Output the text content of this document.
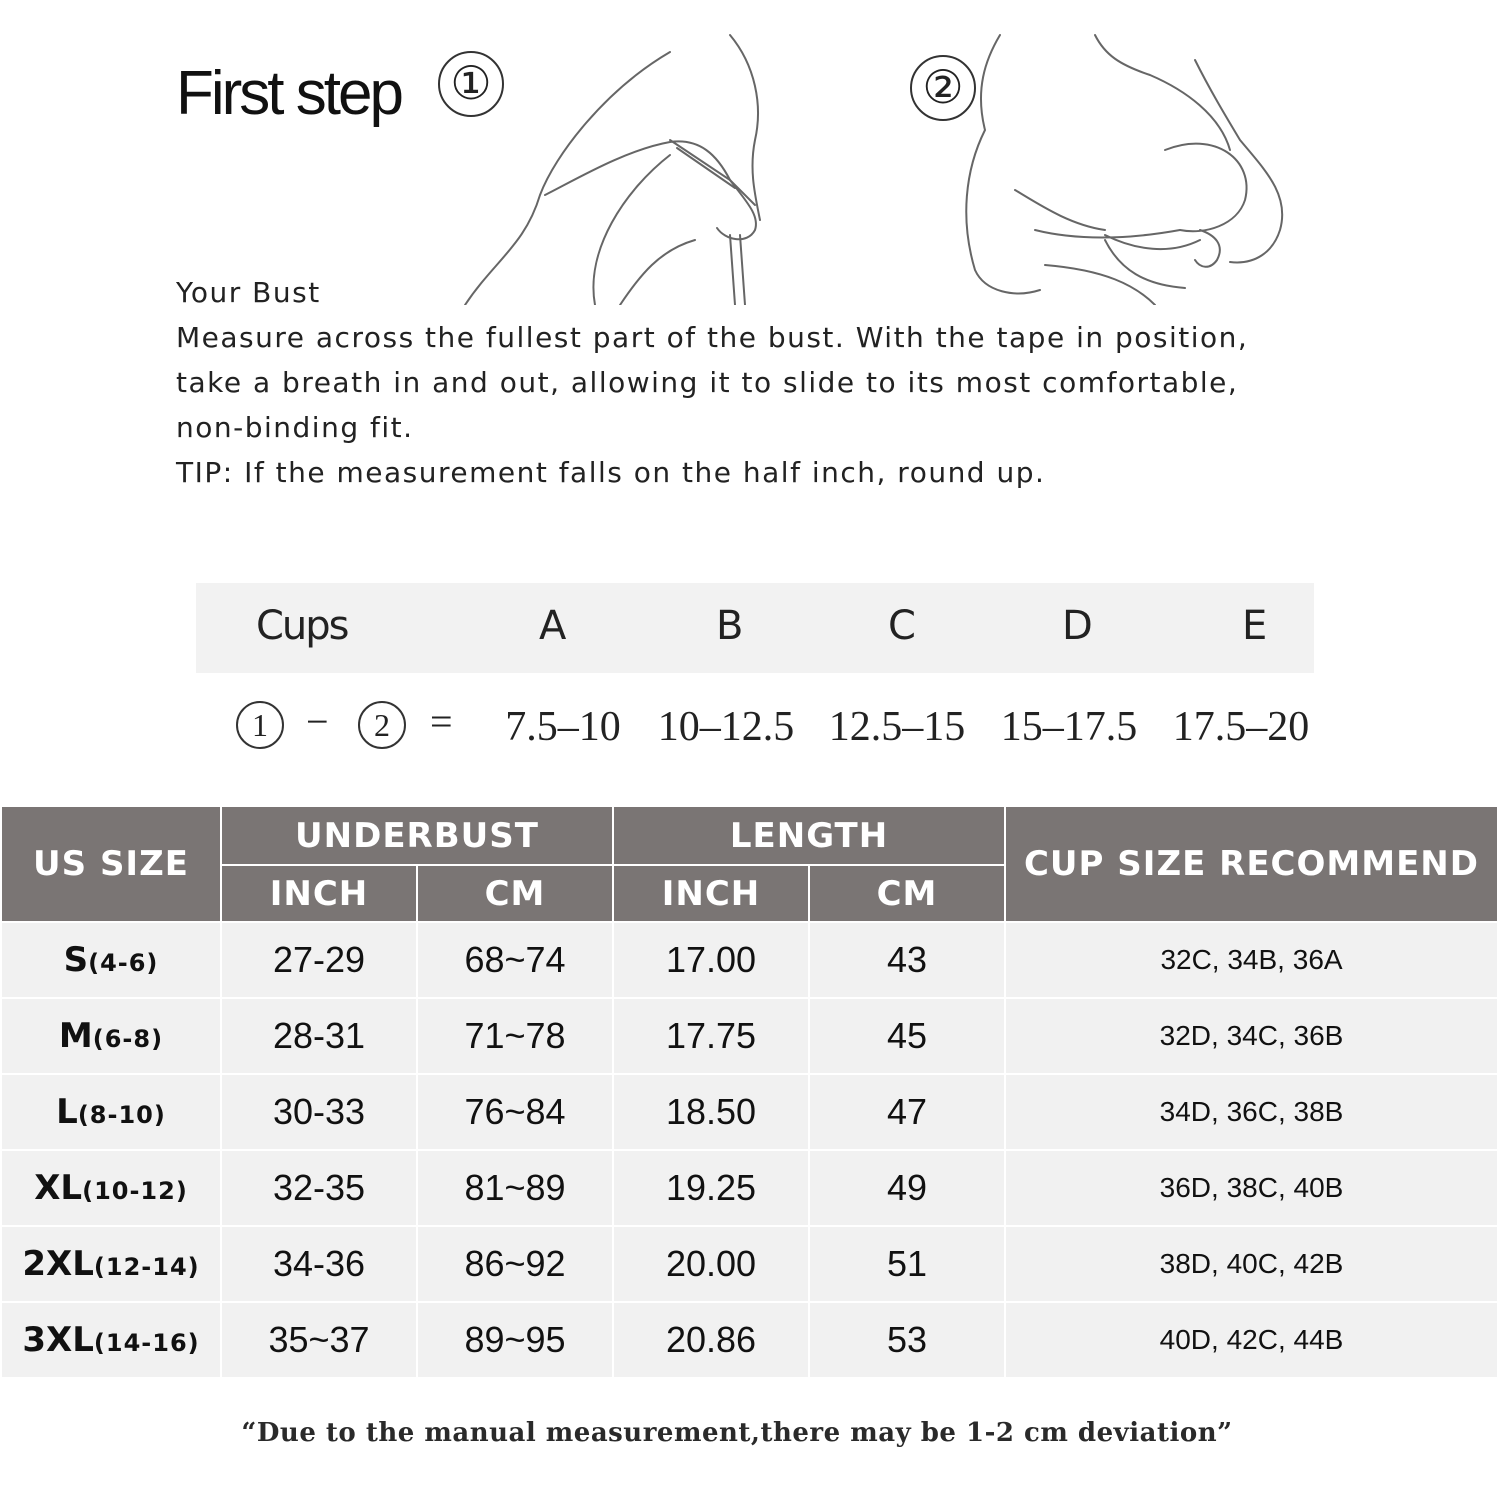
First step ①	②
Your Bust
Measure across the fullest part of the bust. With the tape in position,
take a breath in and out, allowing it to slide to its most comfortable,
non-binding fit.
TIP: If the measurement falls on the half inch, round up.
Cups	A	B	C	D	E
1 −	2	=	7.5–10 10–12.5 12.5–15 15–17.5 17.5–20
US SIZE	UNDERBUST		LENGTH		CUP SIZE RECOMMEND
	INCH	CM	INCH	CM	
S(4-6)	27-29	68~74	17.00	43	32C, 34B, 36A
M(6-8)	28-31	71~78	17.75	45	32D, 34C, 36B
L(8-10)	30-33	76~84	18.50	47	34D, 36C, 38B
XL(10-12)	32-35	81~89	19.25	49	36D, 38C, 40B
2XL(12-14)	34-36	86~92	20.00	51	38D, 40C, 42B
3XL(14-16)	35~37	89~95	20.86	53	40D, 42C, 44B
“Due to the manual measurement,there may be 1-2 cm deviation”
